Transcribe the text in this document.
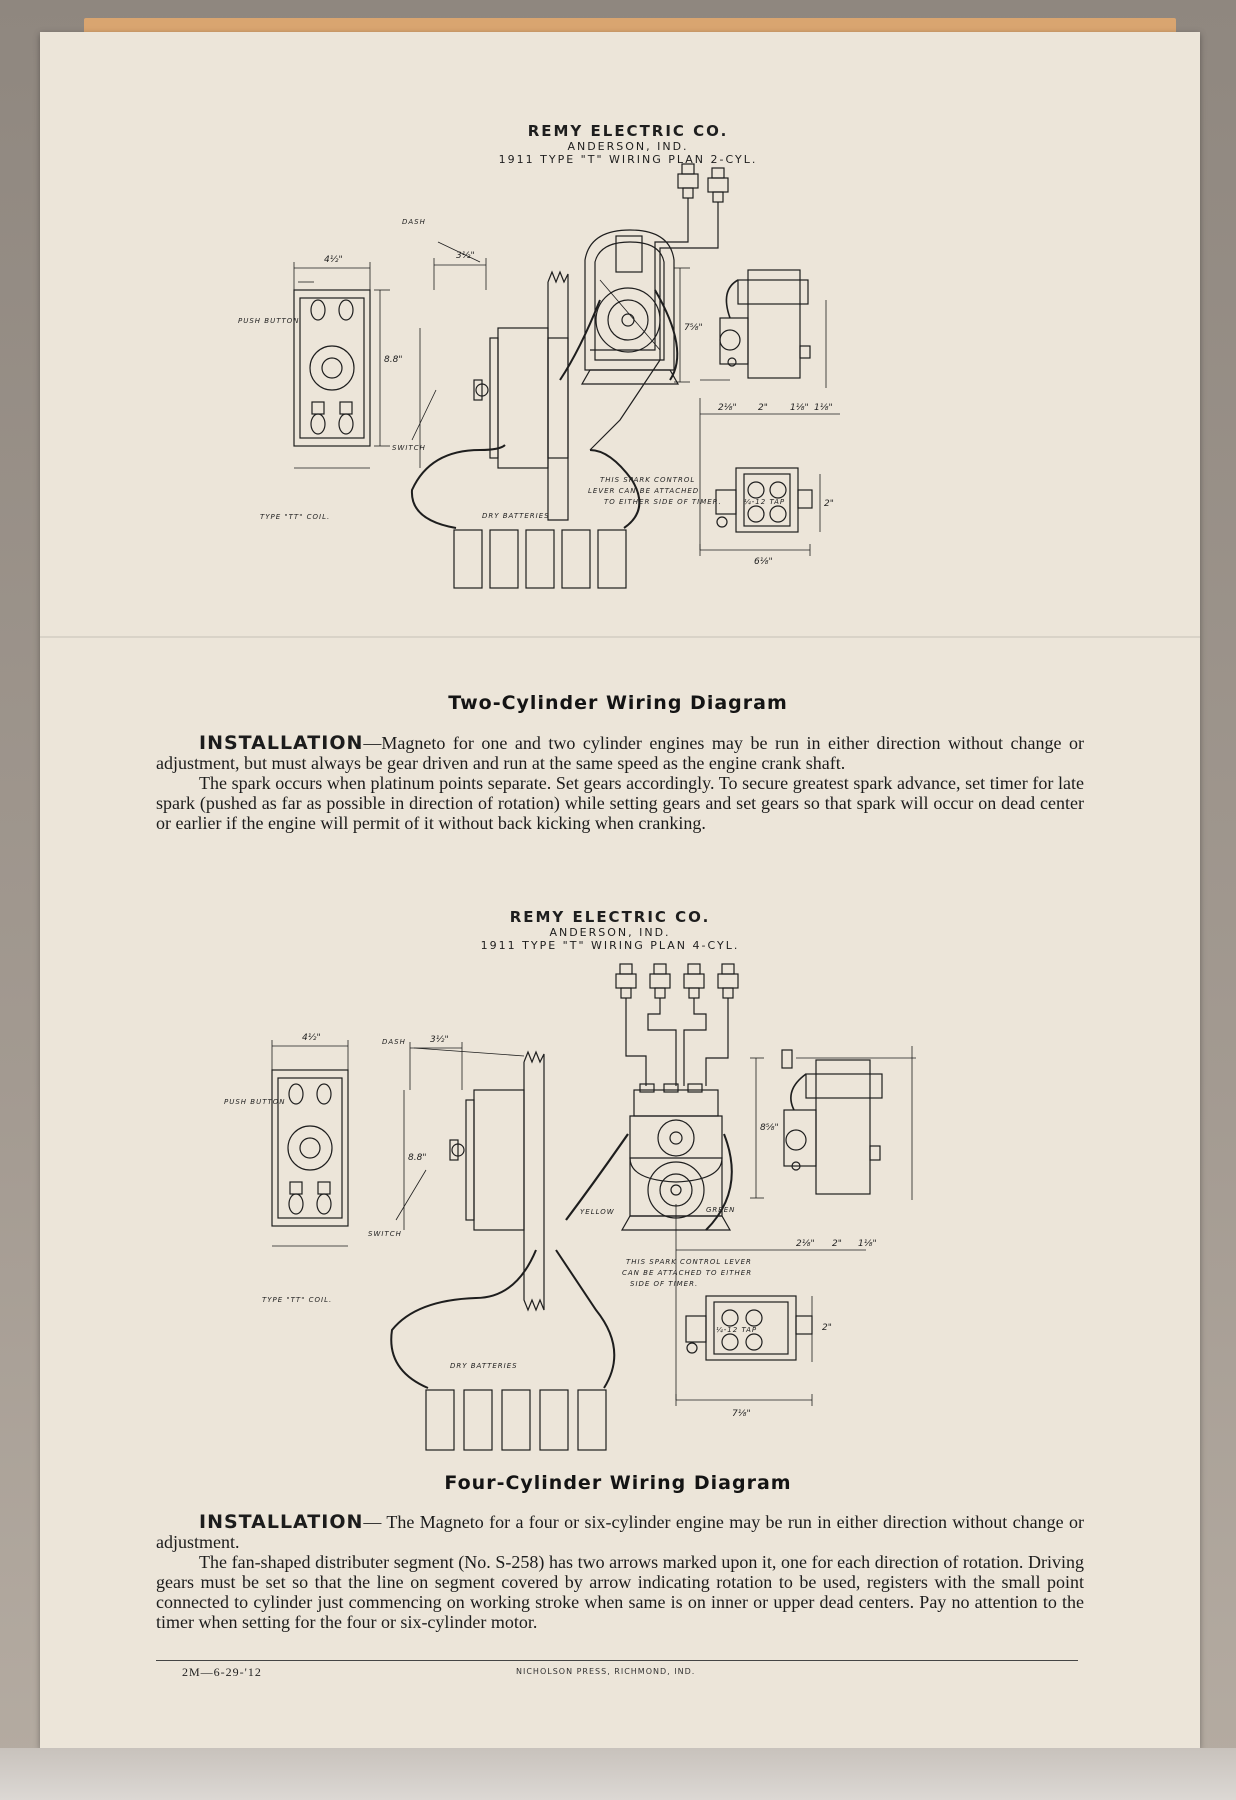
REMY ELECTRIC CO.
ANDERSON, IND.
1911 TYPE "T" WIRING PLAN 2-CYL.
DASH
PUSH BUTTON
SWITCH
TYPE "TT" COIL.
THIS SPARK CONTROL
LEVER CAN BE ATTACHED
TO EITHER SIDE OF TIMER.
DRY BATTERIES
4½"	3½"
8.8"
7⅝"
2⅛" 2" 1⅛" 1⅛"
6⅛"
¼-12 TAP	2"
Two-Cylinder Wiring Diagram

INSTALLATION—Magneto for one and two cylinder engines may be run in either direction without change or adjustment, but must always be gear driven and run at the same speed as the engine crank shaft.

The spark occurs when platinum points separate. Set gears accordingly. To secure greatest spark advance, set timer for late spark (pushed as far as possible in direction of rotation) while setting gears and set gears so that spark will occur on dead center or earlier if the engine will permit of it without back kicking when cranking.

REMY ELECTRIC CO.
ANDERSON, IND.
1911 TYPE "T" WIRING PLAN 4-CYL.
DASH
PUSH BUTTON
SWITCH
TYPE "TT" COIL.
YELLOW	GREEN
THIS SPARK CONTROL LEVER
CAN BE ATTACHED TO EITHER
SIDE OF TIMER.
DRY BATTERIES
4½"	3½"
8.8"
8⅝"
2⅛" 2" 1⅛"
7⅛"
¼-12 TAP	2"
Four-Cylinder Wiring Diagram

INSTALLATION— The Magneto for a four or six-cylinder engine may be run in either direction without change or adjustment.

The fan-shaped distributer segment (No. S-258) has two arrows marked upon it, one for each direction of rotation. Driving gears must be set so that the line on segment covered by arrow indicating rotation to be used, registers with the small point connected to cylinder just commencing on working stroke when same is on inner or upper dead centers. Pay no attention to the timer when setting for the four or six-cylinder motor.

2M—6-29-'12	NICHOLSON PRESS, RICHMOND, IND.
